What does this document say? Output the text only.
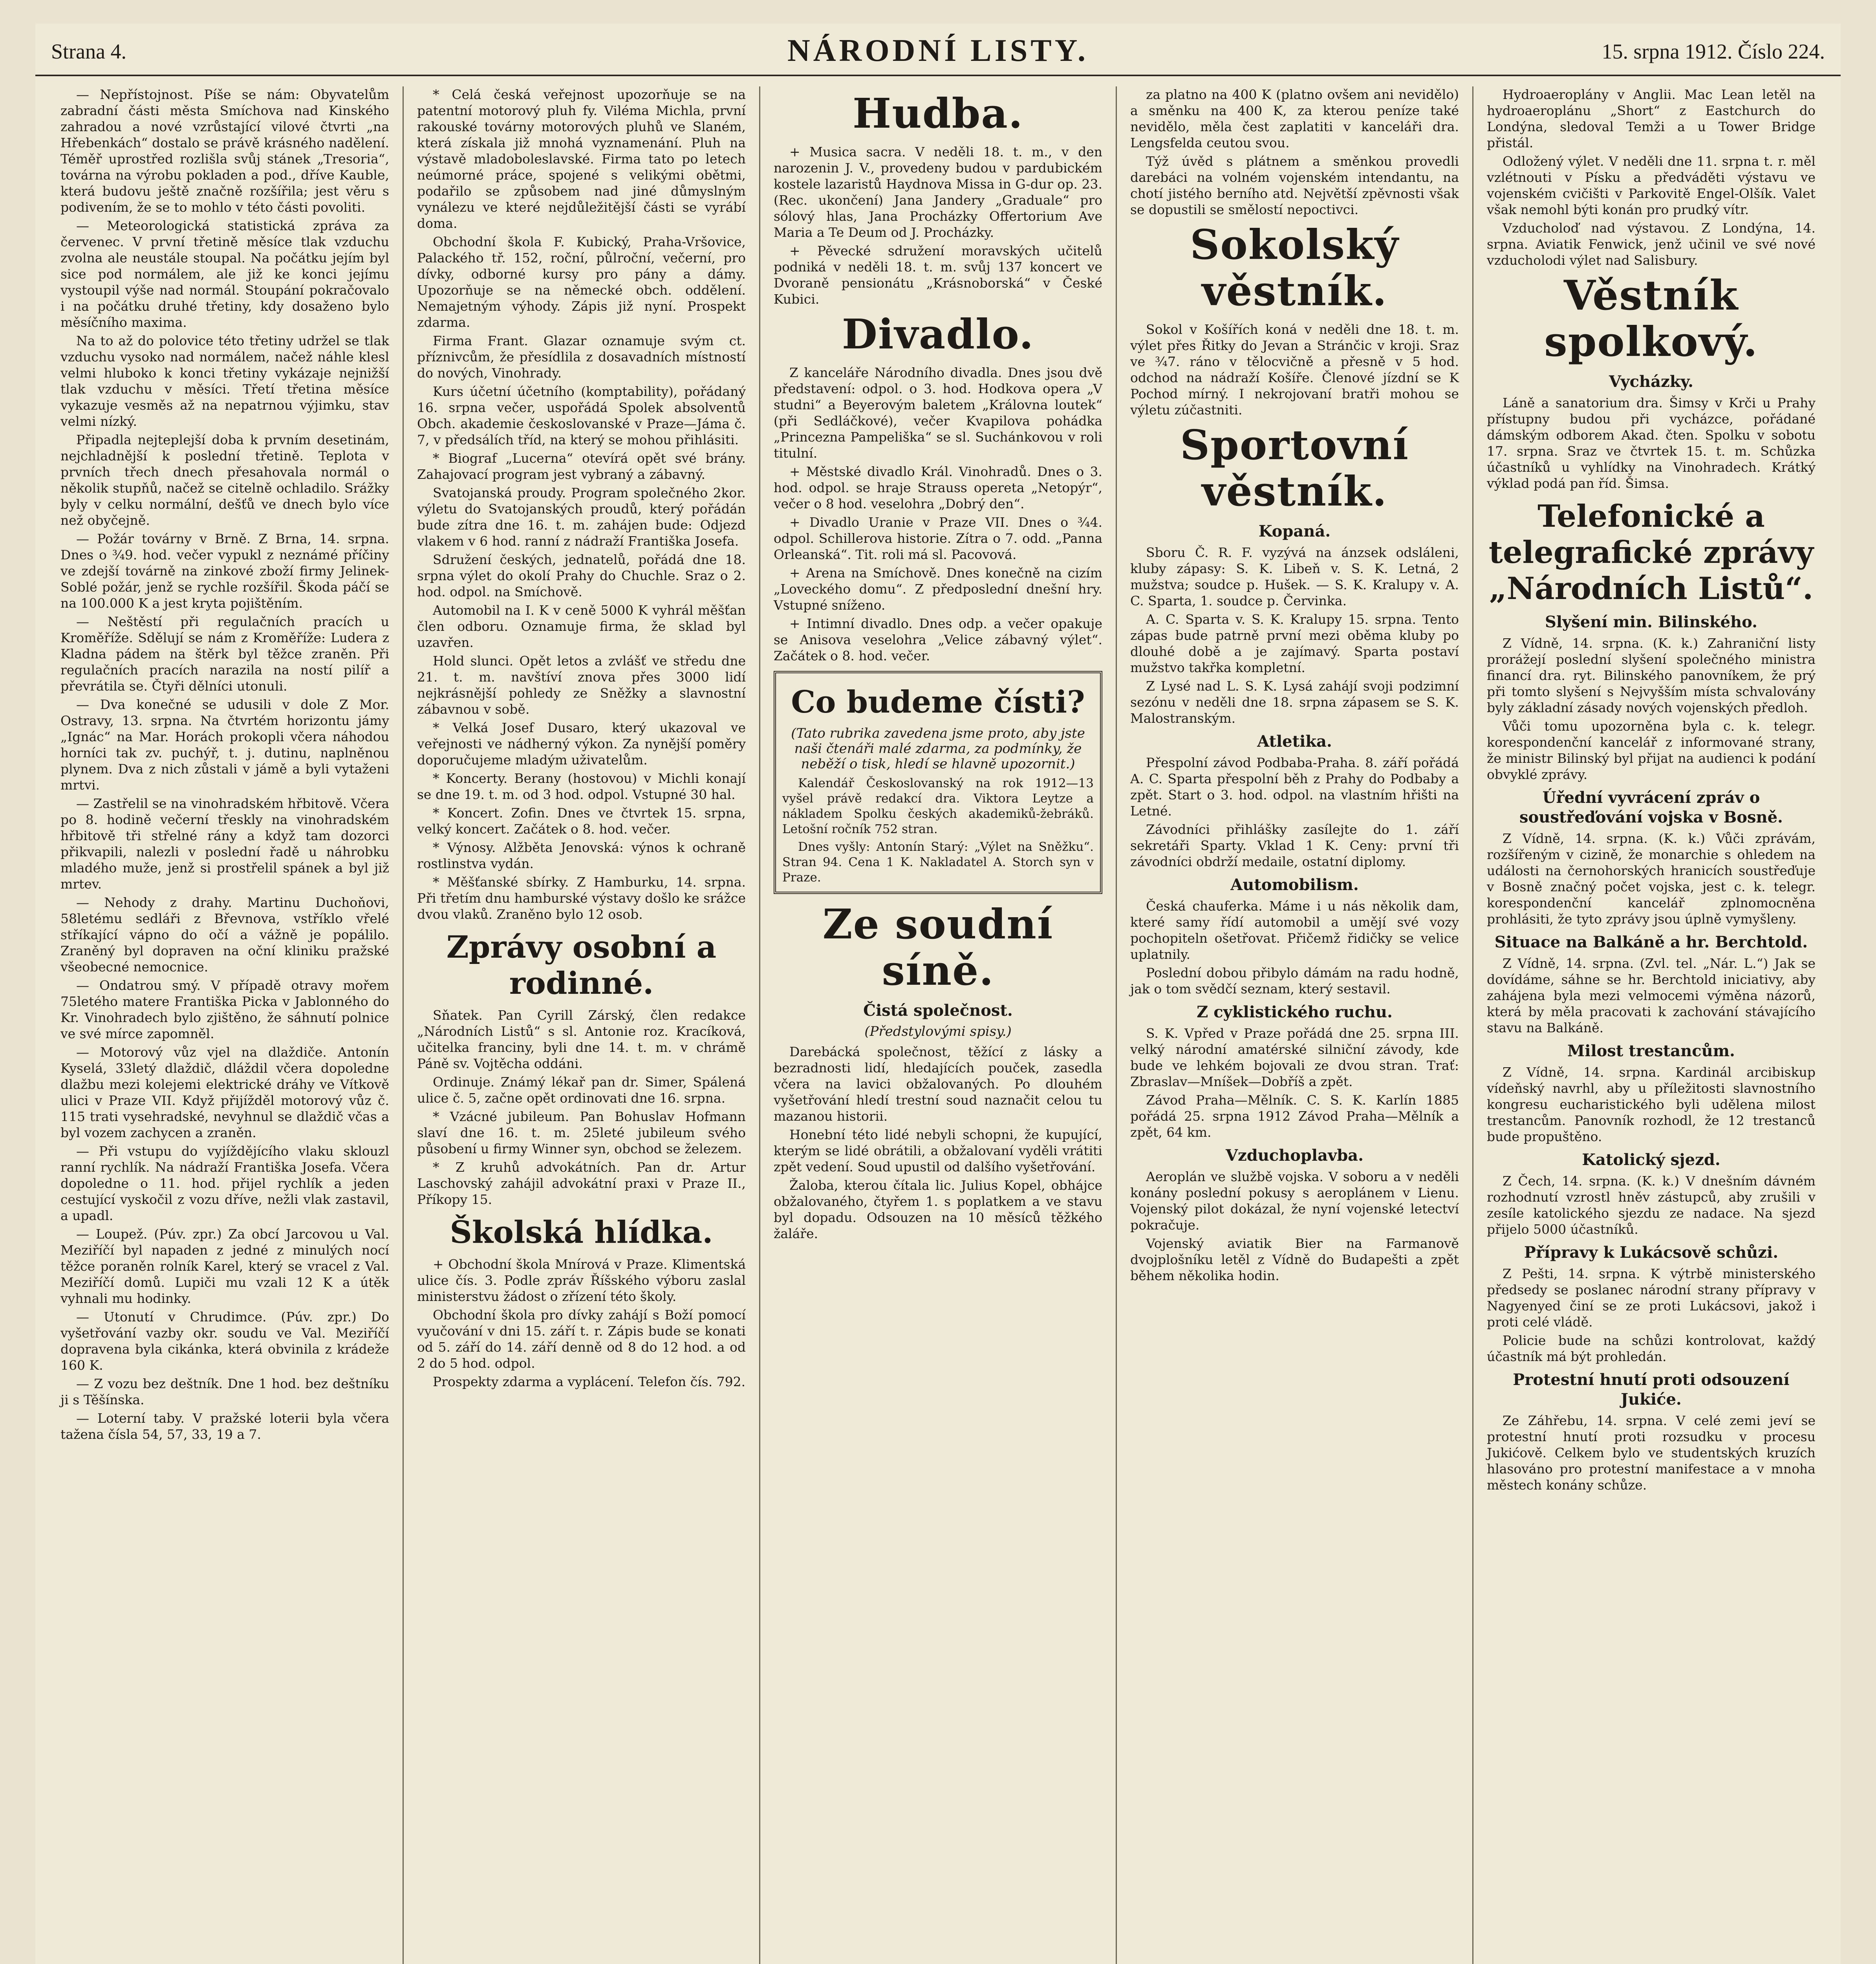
Strana 4.	NÁRODNÍ LISTY.	15. srpna 1912. Číslo 224.

— Nepřístojnost. Píše se nám: Obyvatelům zabradní části města Smíchova nad Kinského zahradou a nové vzrůstající vilové čtvrti „na Hřebenkách“ dostalo se právě krásného nadělení. Téměř uprostřed rozlišla svůj stánek „Tresoria“, továrna na výrobu pokladen a pod., dříve Kauble, která budovu ještě značně rozšířila; jest věru s podivením, že se to mohlo v této části povoliti.

— Meteorologická statistická zpráva za červenec. V první třetině měsíce tlak vzduchu zvolna ale neustále stoupal. Na počátku jejím byl sice pod normálem, ale již ke konci jejímu vystoupil výše nad normál. Stoupání pokračovalo i na počátku druhé třetiny, kdy dosaženo bylo měsíčního maxima.

Na to až do polovice této třetiny udržel se tlak vzduchu vysoko nad normálem, načež náhle klesl velmi hluboko k konci třetiny vykázaje nejnižší tlak vzduchu v měsíci. Třetí třetina měsíce vykazuje vesměs až na nepatrnou výjimku, stav velmi nízký.

Připadla nejteplejší doba k prvním desetinám, nejchladnější k poslední třetině. Teplota v prvních třech dnech přesahovala normál o několik stupňů, načež se citelně ochladilo. Srážky byly v celku normální, dešťů ve dnech bylo více než obyčejně.

— Požár továrny v Brně. Z Brna, 14. srpna. Dnes o ¾9. hod. večer vypukl z neznámé příčiny ve zdejší továrně na zinkové zboží firmy Jelinek-Soblé požár, jenž se rychle rozšířil. Škoda páčí se na 100.000 K a jest kryta pojištěním.

— Neštěstí při regulačních pracích u Kroměříže. Sdělují se nám z Kroměříže: Ludera z Kladna pádem na štěrk byl těžce zraněn. Při regulačních pracích narazila na ností pilíř a převrátila se. Čtyři dělníci utonuli.

— Dva konečné se udusili v dole Z Mor. Ostravy, 13. srpna. Na čtvrtém horizontu jámy „Ignác“ na Mar. Horách prokopli včera náhodou horníci tak zv. puchýř, t. j. dutinu, naplněnou plynem. Dva z nich zůstali v jámě a byli vytaženi mrtvi.

— Zastřelil se na vinohradském hřbitově. Včera po 8. hodině večerní třeskly na vinohradském hřbitově tři střelné rány a když tam dozorci přikvapili, nalezli v poslední řadě u náhrobku mladého muže, jenž si prostřelil spánek a byl již mrtev.

— Nehody z drahy. Martinu Duchoňovi, 58letému sedláři z Břevnova, vstříklo vřelé stříkající vápno do očí a vážně je popálilo. Zraněný byl dopraven na oční kliniku pražské všeobecné nemocnice.

— Ondatrou smý. V případě otravy mořem 75letého matere Františka Picka v Jablonného do Kr. Vinohradech bylo zjištěno, že sáhnutí polnice ve své mírce zapomněl.

— Motorový vůz vjel na dlaždiče. Antonín Kyselá, 33letý dlaždič, dláždil včera dopoledne dlažbu mezi kolejemi elektrické dráhy ve Vítkově ulici v Praze VII. Když přijížděl motorový vůz č. 115 trati vysehradské, nevyhnul se dlaždič včas a byl vozem zachycen a zraněn.

— Při vstupu do vyjíždějícího vlaku sklouzl ranní rychlík. Na nádraží Františka Josefa. Včera dopoledne o 11. hod. přijel rychlík a jeden cestující vyskočil z vozu dříve, nežli vlak zastavil, a upadl.

— Loupež. (Púv. zpr.) Za obcí Jarcovou u Val. Meziříčí byl napaden z jedné z minulých nocí těžce poraněn rolník Karel, který se vracel z Val. Meziříčí domů. Lupiči mu vzali 12 K a útěk vyhnali mu hodinky.

— Utonutí v Chrudimce. (Púv. zpr.) Do vyšetřování vazby okr. soudu ve Val. Meziříčí dopravena byla cikánka, která obvinila z krádeže 160 K.

— Z vozu bez deštník. Dne 1 hod. bez deštníku ji s Těšínska.

— Loterní taby. V pražské loterii byla včera tažena čísla 54, 57, 33, 19 a 7.

* Celá česká veřejnost upozorňuje se na patentní motorový pluh fy. Viléma Michla, první rakouské továrny motorových pluhů ve Slaném, která získala již mnohá vyznamenání. Pluh na výstavě mladoboleslavské. Firma tato po letech neúmorné práce, spojené s velikými obětmi, podařilo se způsobem nad jiné důmyslným vynálezu ve které nejdůležitější části se vyrábí doma.

Obchodní škola F. Kubický, Praha-Vršovice, Palackého tř. 152, roční, půlroční, večerní, pro dívky, odborné kursy pro pány a dámy. Upozorňuje se na německé obch. oddělení. Nemajetným výhody. Zápis již nyní. Prospekt zdarma.

Firma Frant. Glazar oznamuje svým ct. příznivcům, že přesídlila z dosavadních místností do nových, Vinohrady.

Kurs účetní účetního (komptability), pořádaný 16. srpna večer, uspořádá Spolek absolventů Obch. akademie českoslovanské v Praze—Jáma č. 7, v předsálích tříd, na který se mohou přihlásiti.

* Biograf „Lucerna“ otevírá opět své brány. Zahajovací program jest vybraný a zábavný.

Svatojanská proudy. Program společného 2kor. výletu do Svatojanských proudů, který pořádán bude zítra dne 16. t. m. zahájen bude: Odjezd vlakem v 6 hod. ranní z nádraží Františka Josefa.

Sdružení českých, jednatelů, pořádá dne 18. srpna výlet do okolí Prahy do Chuchle. Sraz o 2. hod. odpol. na Smíchově.

Automobil na I. K v ceně 5000 K vyhrál měšťan člen odboru. Oznamuje firma, že sklad byl uzavřen.

Hold slunci. Opět letos a zvlášť ve středu dne 21. t. m. navštíví znova přes 3000 lidí nejkrásnější pohledy ze Sněžky a slavnostní zábavnou v sobě.

* Velká Josef Dusaro, který ukazoval ve veřejnosti ve nádherný výkon. Za nynější poměry doporučujeme mladým uživatelům.

* Koncerty. Berany (hostovou) v Michli konají se dne 19. t. m. od 3 hod. odpol. Vstupné 30 hal.

* Koncert. Zofin. Dnes ve čtvrtek 15. srpna, velký koncert. Začátek o 8. hod. večer.

* Výnosy. Alžběta Jenovská: výnos k ochraně rostlinstva vydán.

* Měšťanské sbírky. Z Hamburku, 14. srpna. Při třetím dnu hamburské výstavy došlo ke srážce dvou vlaků. Zraněno bylo 12 osob.

Zprávy osobní a rodinné.

Sňatek. Pan Cyrill Zárský, člen redakce „Národních Listů“ s sl. Antonie roz. Kracíková, učitelka franciny, byli dne 14. t. m. v chrámě Páně sv. Vojtěcha oddáni.

Ordinuje. Známý lékař pan dr. Simer, Spálená ulice č. 5, začne opět ordinovati dne 16. srpna.

* Vzácné jubileum. Pan Bohuslav Hofmann slaví dne 16. t. m. 25leté jubileum svého působení u firmy Winner syn, obchod se železem.

* Z kruhů advokátních. Pan dr. Artur Laschovský zahájil advokátní praxi v Praze II., Příkopy 15.

Školská hlídka.

+ Obchodní škola Mnírová v Praze. Klimentská ulice čís. 3. Podle zpráv Říšského výboru zaslal ministerstvu žádost o zřízení této školy.

Obchodní škola pro dívky zahájí s Boží pomocí vyučování v dni 15. září t. r. Zápis bude se konati od 5. září do 14. září denně od 8 do 12 hod. a od 2 do 5 hod. odpol.

Prospekty zdarma a vyplácení. Telefon čís. 792.

Hudba.

+ Musica sacra. V neděli 18. t. m., v den narozenin J. V., provedeny budou v pardubickém kostele lazaristů Haydnova Missa in G-dur op. 23. (Rec. ukončení) Jana Jandery „Graduale“ pro sólový hlas, Jana Procházky Offertorium Ave Maria a Te Deum od J. Procházky.

+ Pěvecké sdružení moravských učitelů podniká v neděli 18. t. m. svůj 137 koncert ve Dvoraně pensionátu „Krásnoborská“ v České Kubici.

Divadlo.

Z kanceláře Národního divadla. Dnes jsou dvě představení: odpol. o 3. hod. Hodkova opera „V studni“ a Beyerovým baletem „Královna loutek“ (při Sedláčkové), večer Kvapilova pohádka „Princezna Pampeliška“ se sl. Suchánkovou v roli titulní.

+ Městské divadlo Král. Vinohradů. Dnes o 3. hod. odpol. se hraje Strauss opereta „Netopýr“, večer o 8 hod. veselohra „Dobrý den“.

+ Divadlo Uranie v Praze VII. Dnes o ¾4. odpol. Schillerova historie. Zítra o 7. odd. „Panna Orleanská“. Tit. roli má sl. Pacovová.

+ Arena na Smíchově. Dnes konečně na cizím „Loveckého domu“. Z předposlední dnešní hry. Vstupné sníženo.

+ Intimní divadlo. Dnes odp. a večer opakuje se Anisova veselohra „Velice zábavný výlet“. Začátek o 8. hod. večer.

Co budeme čísti?
(Tato rubrika zavedena jsme proto, aby jste naši čtenáři malé zdarma, za podmínky, že neběží o tisk, hledí se hlavně upozornit.)

Kalendář Českoslovanský na rok 1912—13 vyšel právě redakcí dra. Viktora Leytze a nákladem Spolku českých akademiků-žebráků. Letošní ročník 752 stran.

Dnes vyšly: Antonín Starý: „Výlet na Sněžku“. Stran 94. Cena 1 K. Nakladatel A. Storch syn v Praze.

Ze soudní síně.
Čistá společnost.
(Předstylovými spisy.)

Darebácká společnost, těžící z lásky a bezradnosti lidí, hledajících pouček, zasedla včera na lavici obžalovaných. Po dlouhém vyšetřování hledí trestní soud naznačit celou tu mazanou historii.

Honební této lidé nebyli schopni, že kupující, kterým se lidé obrátili, a obžalovaní vyděli vrátiti zpět vedení. Soud upustil od dalšího vyšetřování.

Žaloba, kterou čítala lic. Julius Kopel, obhájce obžalovaného, čtyřem 1. s poplatkem a ve stavu byl dopadu. Odsouzen na 10 měsíců těžkého žaláře.

za platno na 400 K (platno ovšem ani nevidělo) a směnku na 400 K, za kterou peníze také nevidělo, měla čest zaplatiti v kanceláři dra. Lengsfelda ceutou svou.

Týž úvěd s plátnem a směnkou provedli darebáci na volném vojenském intendantu, na chotí jistého berního atd. Největší zpěvnosti však se dopustili se smělostí nepoctivci.

Sokolský věstník.

Sokol v Košířích koná v neděli dne 18. t. m. výlet přes Řitky do Jevan a Stránčic v kroji. Sraz ve ¾7. ráno v tělocvičně a přesně v 5 hod. odchod na nádraží Košíře. Členové jízdní se K Pochod mírný. I nekrojovaní bratři mohou se výletu zúčastniti.

Sportovní věstník.
Kopaná.

Sboru Č. R. F. vyzývá na ánzsek odsláleni, kluby zápasy: S. K. Libeň v. S. K. Letná, 2 mužstva; soudce p. Hušek. — S. K. Kralupy v. A. C. Sparta, 1. soudce p. Červinka.

A. C. Sparta v. S. K. Kralupy 15. srpna. Tento zápas bude patrně první mezi oběma kluby po dlouhé době a je zajímavý. Sparta postaví mužstvo takřka kompletní.

Z Lysé nad L. S. K. Lysá zahájí svoji podzimní sezónu v neděli dne 18. srpna zápasem se S. K. Malostranským.

Atletika.

Přespolní závod Podbaba-Praha. 8. září pořádá A. C. Sparta přespolní běh z Prahy do Podbaby a zpět. Start o 3. hod. odpol. na vlastním hřišti na Letné.

Závodníci přihlášky zasílejte do 1. září sekretáři Sparty. Vklad 1 K. Ceny: první tři závodníci obdrží medaile, ostatní diplomy.

Automobilism.

Česká chauferka. Máme i u nás několik dam, které samy řídí automobil a umějí své vozy pochopiteln ošetřovat. Přičemž řidičky se velice uplatnily.

Poslední dobou přibylo dámám na radu hodně, jak o tom svědčí seznam, který sestavil.

Z cyklistického ruchu.

S. K. Vpřed v Praze pořádá dne 25. srpna III. velký národní amatérské silniční závody, kde bude ve lehkém bojovali ze dvou stran. Trať: Zbraslav—Mníšek—Dobříš a zpět.

Závod Praha—Mělník. C. S. K. Karlín 1885 pořádá 25. srpna 1912 Závod Praha—Mělník a zpět, 64 km.

Vzduchoplavba.

Aeroplán ve službě vojska. V soboru a v neděli konány poslední pokusy s aeroplánem v Lienu. Vojenský pilot dokázal, že nyní vojenské letectví pokračuje.

Vojenský aviatik Bier na Farmanově dvojplošníku letěl z Vídně do Budapešti a zpět během několika hodin.

Hydroaeroplány v Anglii. Mac Lean letěl na hydroaeroplánu „Short“ z Eastchurch do Londýna, sledoval Temži a u Tower Bridge přistál.

Odložený výlet. V neděli dne 11. srpna t. r. měl vzlétnouti v Písku a předváděti výstavu ve vojenském cvičišti v Parkovitě Engel-Olšík. Valet však nemohl býti konán pro prudký vítr.

Vzducholoď nad výstavou. Z Londýna, 14. srpna. Aviatik Fenwick, jenž učinil ve své nové vzducholodi výlet nad Salisbury.

Věstník spolkový.
Vycházky.

Láně a sanatorium dra. Šimsy v Krči u Prahy přístupny budou při vycházce, pořádané dámským odborem Akad. čten. Spolku v sobotu 17. srpna. Sraz ve čtvrtek 15. t. m. Schůzka účastníků u vyhlídky na Vinohradech. Krátký výklad podá pan říd. Šimsa.

Telefonické a telegrafické zprávy „Národních Listů“.
Slyšení min. Bilinského.

Z Vídně, 14. srpna. (K. k.) Zahraniční listy prorážejí poslední slyšení společného ministra financí dra. ryt. Bilinského panovníkem, že prý při tomto slyšení s Nejvyšším místa schvalovány byly základní zásady nových vojenských předloh.

Vůči tomu upozorněna byla c. k. telegr. korespondenční kancelář z informované strany, že ministr Bilinský byl přijat na audienci k podání obvyklé zprávy.

Úřední vyvrácení zpráv o soustřeďování vojska v Bosně.

Z Vídně, 14. srpna. (K. k.) Vůči zprávám, rozšířeným v cizině, že monarchie s ohledem na události na černohorských hranicích soustřeďuje v Bosně značný počet vojska, jest c. k. telegr. korespondenční kancelář zplnomocněna prohlásiti, že tyto zprávy jsou úplně vymyšleny.

Situace na Balkáně a hr. Berchtold.

Z Vídně, 14. srpna. (Zvl. tel. „Nár. L.“) Jak se dovídáme, sáhne se hr. Berchtold iniciativy, aby zahájena byla mezi velmocemi výměna názorů, která by měla pracovati k zachování stávajícího stavu na Balkáně.

Milost trestancům.

Z Vídně, 14. srpna. Kardinál arcibiskup vídeňský navrhl, aby u příležitosti slavnostního kongresu eucharistického byli udělena milost trestancům. Panovník rozhodl, že 12 trestanců bude propuštěno.

Katolický sjezd.

Z Čech, 14. srpna. (K. k.) V dnešním dávném rozhodnutí vzrostl hněv zástupců, aby zrušili v zesíle katolického sjezdu ze nadace. Na sjezd přijelo 5000 účastníků.

Přípravy k Lukácsově schůzi.

Z Pešti, 14. srpna. K výtrbě ministerského předsedy se poslanec národní strany přípravy v Nagyenyed činí se ze proti Lukácsovi, jakož i proti celé vládě.

Policie bude na schůzi kontrolovat, každý účastník má být prohledán.

Protestní hnutí proti odsouzení Jukiće.

Ze Záhřebu, 14. srpna. V celé zemi jeví se protestní hnutí proti rozsudku v procesu Jukićově. Celkem bylo ve studentských kruzích hlasováno pro protestní manifestace a v mnoha městech konány schůze.
